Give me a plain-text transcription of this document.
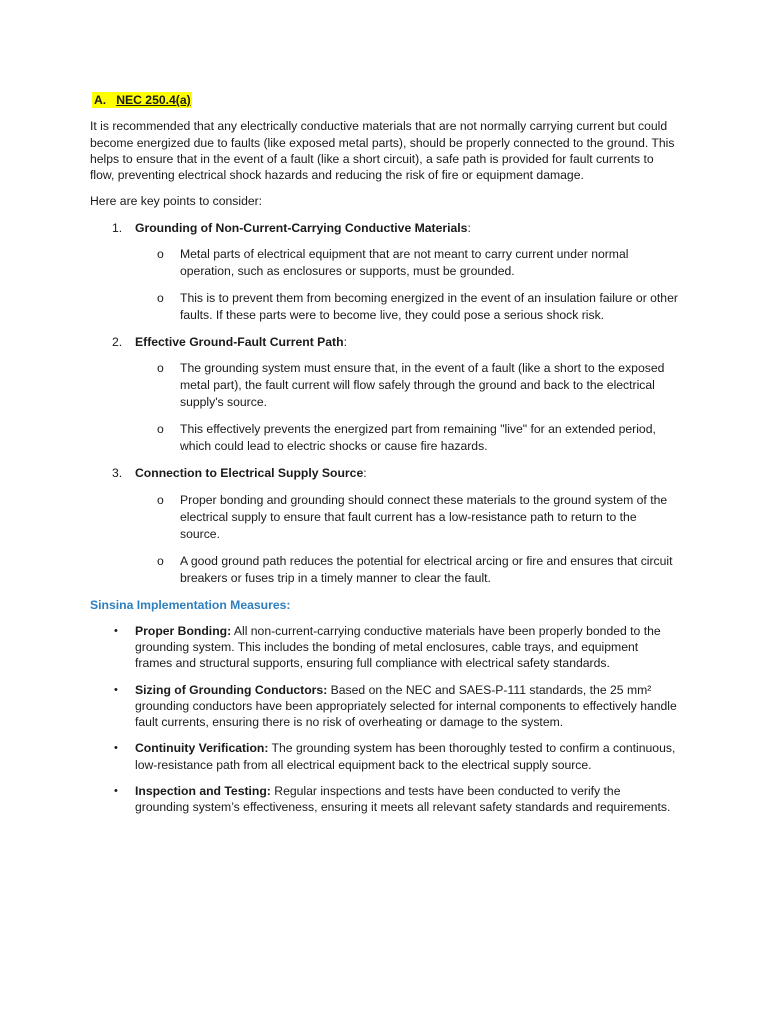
A. NEC 250.4(a)

It is recommended that any electrically conductive materials that are not normally carrying current but could become energized due to faults (like exposed metal parts), should be properly connected to the ground. This helps to ensure that in the event of a fault (like a short circuit), a safe path is provided for fault currents to flow, preventing electrical shock hazards and reducing the risk of fire or equipment damage.

Here are key points to consider:

1.	Grounding of Non-Current-Carrying Conductive Materials:
o	Metal parts of electrical equipment that are not meant to carry current under normal operation, such as enclosures or supports, must be grounded.
o	This is to prevent them from becoming energized in the event of an insulation failure or other faults. If these parts were to become live, they could pose a serious shock risk.
2.	Effective Ground-Fault Current Path:
o	The grounding system must ensure that, in the event of a fault (like a short to the exposed metal part), the fault current will flow safely through the ground and back to the electrical supply's source.
o	This effectively prevents the energized part from remaining "live" for an extended period, which could lead to electric shocks or cause fire hazards.
3.	Connection to Electrical Supply Source:
o	Proper bonding and grounding should connect these materials to the ground system of the electrical supply to ensure that fault current has a low-resistance path to return to the source.
o	A good ground path reduces the potential for electrical arcing or fire and ensures that circuit breakers or fuses trip in a timely manner to clear the fault.
Sinsina Implementation Measures:
•	Proper Bonding: All non-current-carrying conductive materials have been properly bonded to the grounding system. This includes the bonding of metal enclosures, cable trays, and equipment frames and structural supports, ensuring full compliance with electrical safety standards.
•	Sizing of Grounding Conductors: Based on the NEC and SAES-P-111 standards, the 25 mm² grounding conductors have been appropriately selected for internal components to effectively handle fault currents, ensuring there is no risk of overheating or damage to the system.
•	Continuity Verification: The grounding system has been thoroughly tested to confirm a continuous, low-resistance path from all electrical equipment back to the electrical supply source.
•	Inspection and Testing: Regular inspections and tests have been conducted to verify the grounding system’s effectiveness, ensuring it meets all relevant safety standards and requirements.
